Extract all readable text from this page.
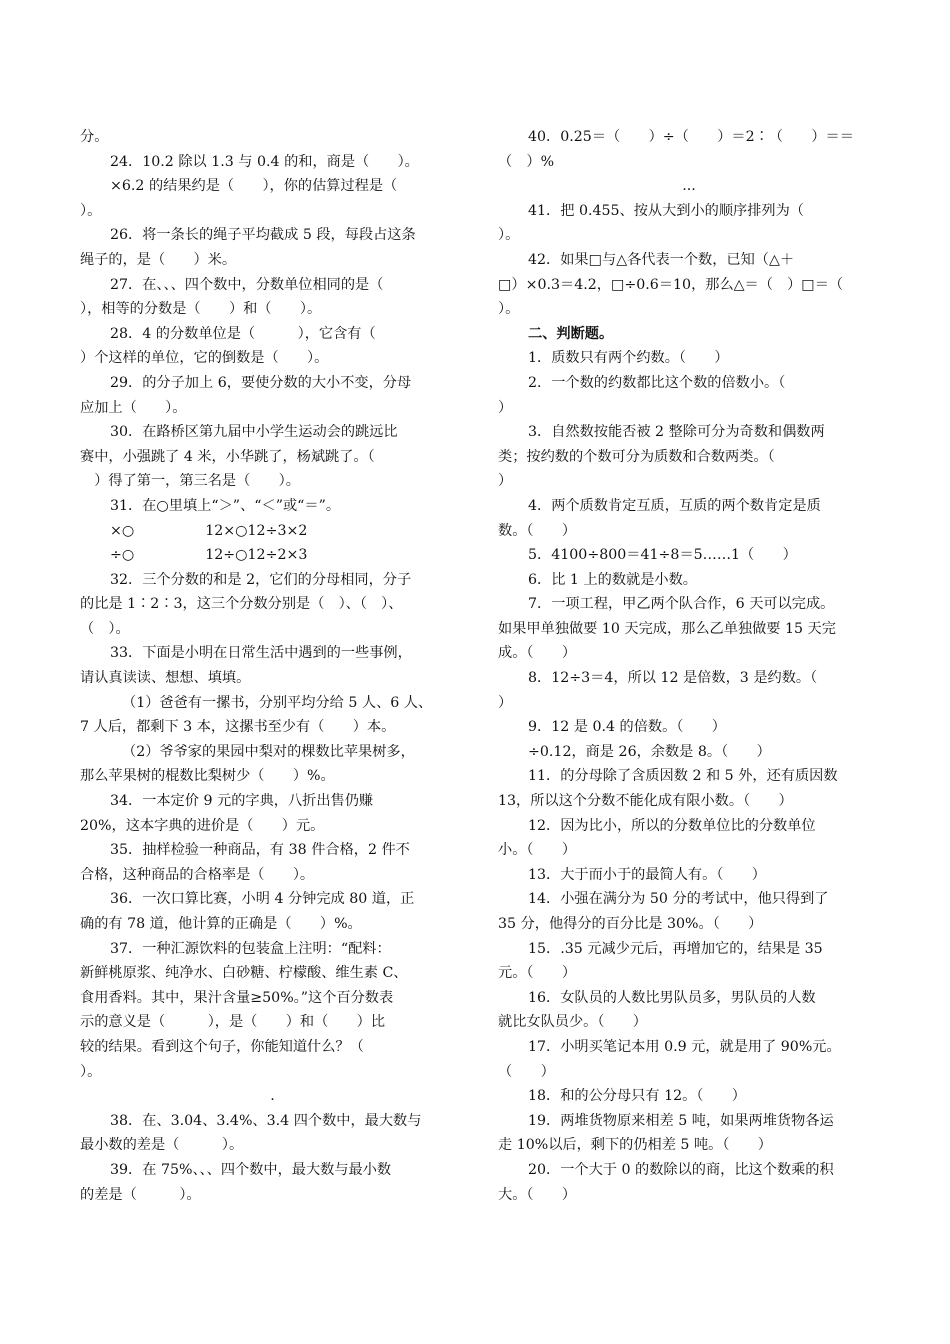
分。

24．10.2 除以 1.3 与 0.4 的和，商是（　　）。

×6.2 的结果约是（　　），你的估算过程是（

）。

26．将一条长的绳子平均截成 5 段，每段占这条

绳子的，是（　　）米。

27．在、、、四个数中，分数单位相同的是（

），相等的分数是（　　）和（　　）。

28．4 的分数单位是（　　　），它含有（

）个这样的单位，它的倒数是（　　）。

29．的分子加上 6，要使分数的大小不变，分母

应加上（　　）。

30．在路桥区第九届中小学生运动会的跳远比

赛中，小强跳了 4 米，小华跳了，杨斌跳了。（

　）得了第一，第三名是（　　）。

31．在○里填上“＞”、“＜”或“＝”。

×○　　　　　12×○12÷3×2

÷○　　　　　12÷○12÷2×3

32．三个分数的和是 2，它们的分母相同，分子

的比是 1∶2∶3，这三个分数分别是（　）、（　）、

（　）。

33．下面是小明在日常生活中遇到的一些事例，

请认真读读、想想、填填。

（1）爸爸有一摞书，分别平均分给 5 人、6 人、

7 人后，都剩下 3 本，这摞书至少有（　　）本。

（2）爷爷家的果园中梨对的棵数比苹果树多，

那么苹果树的棍数比梨树少（　　）%。

34．一本定价 9 元的字典，八折出售仍赚

20%，这本字典的进价是（　　）元。

35．抽样检验一种商品，有 38 件合格，2 件不

合格，这种商品的合格率是（　　）。

36．一次口算比赛，小明 4 分钟完成 80 道，正

确的有 78 道，他计算的正确是（　　）%。

37．一种汇源饮料的包装盒上注明：“配料：

新鲜桃原浆、纯净水、白砂糖、柠檬酸、维生素 C、

食用香料。其中，果汁含量≥50%。”这个百分数表

示的意义是（　　　），是（　　）和（　　）比

较的结果。看到这个句子，你能知道什么？（

）。

.

38．在、3.04、3.4%、3.4 四个数中，最大数与

最小数的差是（　　　）。

39．在 75%、、、四个数中，最大数与最小数

的差是（　　　）。

40．0.25＝（　　）÷（　　）＝2∶（　　）＝＝

（　）%

...

41．把 0.455、按从大到小的顺序排列为（

）。

42．如果□与△各代表一个数，已知（△＋

□）×0.3＝4.2，□÷0.6＝10，那么△＝（　）□＝（

）。

二、判断题。

1．质数只有两个约数。（　　）

2．一个数的约数都比这个数的倍数小。（

）

3．自然数按能否被 2 整除可分为奇数和偶数两

类；按约数的个数可分为质数和合数两类。（

）

4．两个质数肯定互质，互质的两个数肯定是质

数。（　　）

5．4100÷800＝41÷8＝5……1（　　）

6．比 1 上的数就是小数。

7．一项工程，甲乙两个队合作，6 天可以完成。

如果甲单独做要 10 天完成，那么乙单独做要 15 天完

成。（　　）

8．12÷3＝4，所以 12 是倍数，3 是约数。（

）

9．12 是 0.4 的倍数。（　　）

÷0.12，商是 26，余数是 8。（　　）

11．的分母除了含质因数 2 和 5 外，还有质因数

13，所以这个分数不能化成有限小数。（　　）

12．因为比小，所以的分数单位比的分数单位

小。（　　）

13．大于而小于的最简人有。（　　）

14．小强在满分为 50 分的考试中，他只得到了

35 分，他得分的百分比是 30%。（　　）

15．.35 元减少元后，再增加它的，结果是 35

元。（　　）

16．女队员的人数比男队员多，男队员的人数

就比女队员少。（　　）

17．小明买笔记本用 0.9 元，就是用了 90%元。

（　　）

18．和的公分母只有 12。（　　）

19．两堆货物原来相差 5 吨，如果两堆货物各运

走 10%以后，剩下的仍相差 5 吨。（　　）

20．一个大于 0 的数除以的商，比这个数乘的积

大。（　　）
